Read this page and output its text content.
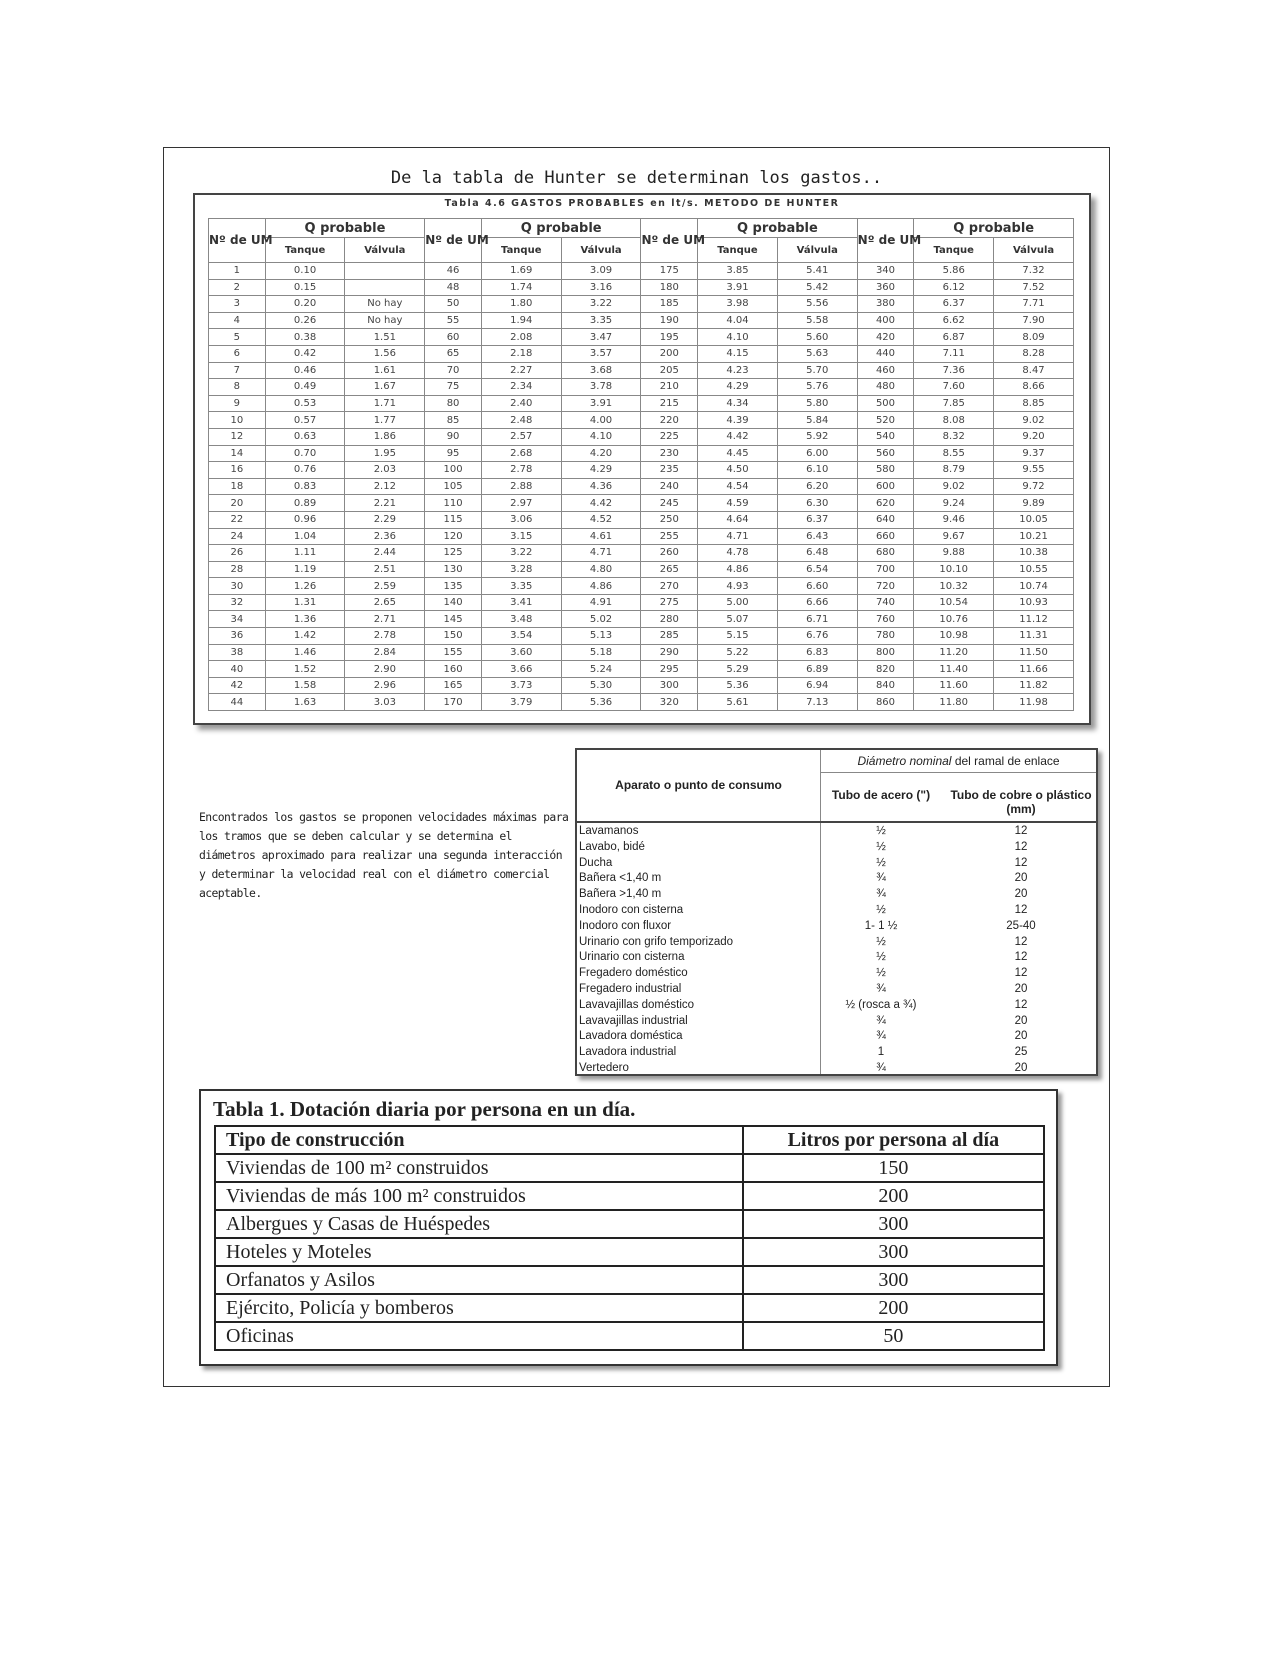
De la tabla de Hunter se determinan los gastos..
Tabla 4.6 GASTOS PROBABLES en lt/s. METODO DE HUNTER
Nº de UM	Q probable		Nº de UM	Q probable		Nº de UM	Q probable		Nº de UM	Q probable	
	Tanque	Válvula		Tanque	Válvula		Tanque	Válvula		Tanque	Válvula
1	0.10		46	1.69	3.09	175	3.85	5.41	340	5.86	7.32
2	0.15		48	1.74	3.16	180	3.91	5.42	360	6.12	7.52
3	0.20	No hay	50	1.80	3.22	185	3.98	5.56	380	6.37	7.71
4	0.26	No hay	55	1.94	3.35	190	4.04	5.58	400	6.62	7.90
5	0.38	1.51	60	2.08	3.47	195	4.10	5.60	420	6.87	8.09
6	0.42	1.56	65	2.18	3.57	200	4.15	5.63	440	7.11	8.28
7	0.46	1.61	70	2.27	3.68	205	4.23	5.70	460	7.36	8.47
8	0.49	1.67	75	2.34	3.78	210	4.29	5.76	480	7.60	8.66
9	0.53	1.71	80	2.40	3.91	215	4.34	5.80	500	7.85	8.85
10	0.57	1.77	85	2.48	4.00	220	4.39	5.84	520	8.08	9.02
12	0.63	1.86	90	2.57	4.10	225	4.42	5.92	540	8.32	9.20
14	0.70	1.95	95	2.68	4.20	230	4.45	6.00	560	8.55	9.37
16	0.76	2.03	100	2.78	4.29	235	4.50	6.10	580	8.79	9.55
18	0.83	2.12	105	2.88	4.36	240	4.54	6.20	600	9.02	9.72
20	0.89	2.21	110	2.97	4.42	245	4.59	6.30	620	9.24	9.89
22	0.96	2.29	115	3.06	4.52	250	4.64	6.37	640	9.46	10.05
24	1.04	2.36	120	3.15	4.61	255	4.71	6.43	660	9.67	10.21
26	1.11	2.44	125	3.22	4.71	260	4.78	6.48	680	9.88	10.38
28	1.19	2.51	130	3.28	4.80	265	4.86	6.54	700	10.10	10.55
30	1.26	2.59	135	3.35	4.86	270	4.93	6.60	720	10.32	10.74
32	1.31	2.65	140	3.41	4.91	275	5.00	6.66	740	10.54	10.93
34	1.36	2.71	145	3.48	5.02	280	5.07	6.71	760	10.76	11.12
36	1.42	2.78	150	3.54	5.13	285	5.15	6.76	780	10.98	11.31
38	1.46	2.84	155	3.60	5.18	290	5.22	6.83	800	11.20	11.50
40	1.52	2.90	160	3.66	5.24	295	5.29	6.89	820	11.40	11.66
42	1.58	2.96	165	3.73	5.30	300	5.36	6.94	840	11.60	11.82
44	1.63	3.03	170	3.79	5.36	320	5.61	7.13	860	11.80	11.98
Encontrados los gastos se proponen velocidades máximas para los tramos que se deben calcular y se determina el diámetros aproximado para realizar una segunda interacción y determinar la velocidad real con el diámetro comercial aceptable.
Aparato o punto de consumo
Diámetro nominal del ramal de enlace
Tubo de acero (")	Tubo de cobre o plástico (mm)
Lavamanos	½	12
Lavabo, bidé	½	12
Ducha	½	12
Bañera <1,40 m	¾	20
Bañera >1,40 m	¾	20
Inodoro con cisterna	½	12
Inodoro con fluxor	1- 1 ½	25-40
Urinario con grifo temporizado	½	12
Urinario con cisterna	½	12
Fregadero doméstico	½	12
Fregadero industrial	¾	20
Lavavajillas doméstico	½ (rosca a ¾)	12
Lavavajillas industrial	¾	20
Lavadora doméstica	¾	20
Lavadora industrial	1	25
Vertedero	¾	20
Tabla 1. Dotación diaria por persona en un día.
Tipo de construcción	Litros por persona al día
Viviendas de 100 m² construidos	150
Viviendas de más 100 m² construidos	200
Albergues y Casas de Huéspedes	300
Hoteles y Moteles	300
Orfanatos y Asilos	300
Ejército, Policía y bomberos	200
Oficinas	50
